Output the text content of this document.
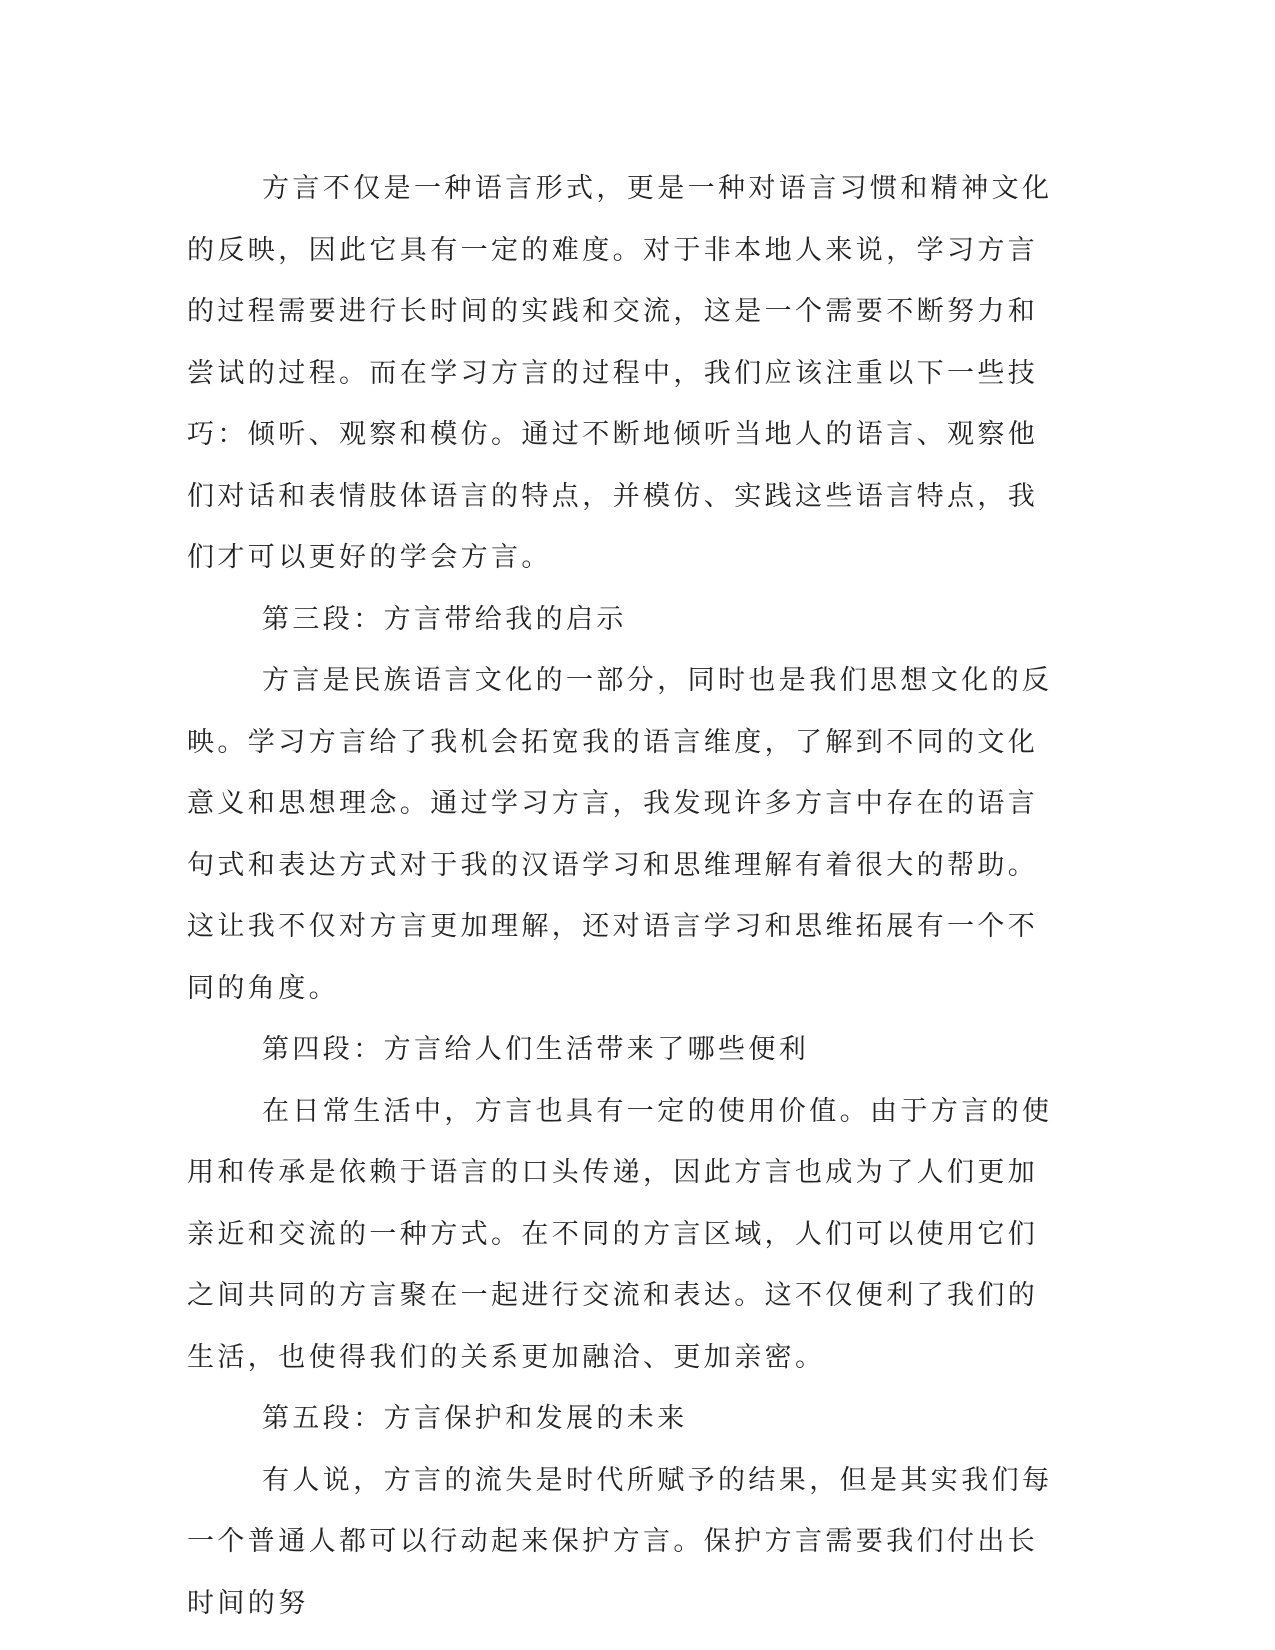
方言不仅是一种语言形式，更是一种对语言习惯和精神文化的反映，因此它具有一定的难度。对于非本地人来说，学习方言的过程需要进行长时间的实践和交流，这是一个需要不断努力和尝试的过程。而在学习方言的过程中，我们应该注重以下一些技巧：倾听、观察和模仿。通过不断地倾听当地人的语言、观察他们对话和表情肢体语言的特点，并模仿、实践这些语言特点，我们才可以更好的学会方言。

第三段：方言带给我的启示

方言是民族语言文化的一部分，同时也是我们思想文化的反映。学习方言给了我机会拓宽我的语言维度，了解到不同的文化意义和思想理念。通过学习方言，我发现许多方言中存在的语言句式和表达方式对于我的汉语学习和思维理解有着很大的帮助。这让我不仅对方言更加理解，还对语言学习和思维拓展有一个不同的角度。

第四段：方言给人们生活带来了哪些便利

在日常生活中，方言也具有一定的使用价值。由于方言的使用和传承是依赖于语言的口头传递，因此方言也成为了人们更加亲近和交流的一种方式。在不同的方言区域，人们可以使用它们之间共同的方言聚在一起进行交流和表达。这不仅便利了我们的生活，也使得我们的关系更加融洽、更加亲密。

第五段：方言保护和发展的未来

有人说，方言的流失是时代所赋予的结果，但是其实我们每一个普通人都可以行动起来保护方言。保护方言需要我们付出长时间的努
